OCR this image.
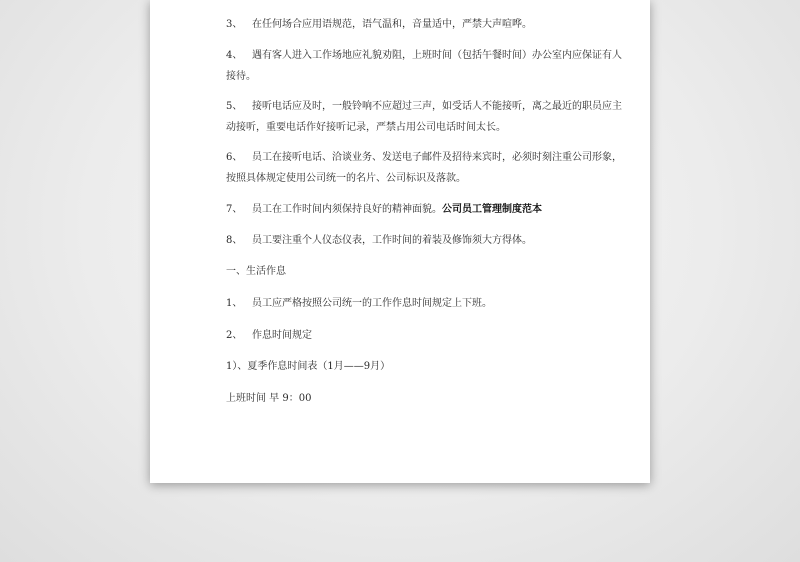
3、 在任何场合应用语规范，语气温和，音量适中，严禁大声喧哗。

4、 遇有客人进入工作场地应礼貌劝阻，上班时间（包括午餐时间）办公室内应保证有人

接待。

5、 接听电话应及时，一般铃响不应超过三声，如受话人不能接听，离之最近的职员应主

动接听，重要电话作好接听记录，严禁占用公司电话时间太长。

6、 员工在接听电话、洽谈业务、发送电子邮件及招待来宾时，必须时刻注重公司形象，

按照具体规定使用公司统一的名片、公司标识及落款。

7、 员工在工作时间内须保持良好的精神面貌。公司员工管理制度范本

8、 员工要注重个人仪态仪表，工作时间的着装及修饰须大方得体。

一、生活作息

1、 员工应严格按照公司统一的工作作息时间规定上下班。

2、 作息时间规定

1）、夏季作息时间表（1月——9月）

上班时间 早 9：00
